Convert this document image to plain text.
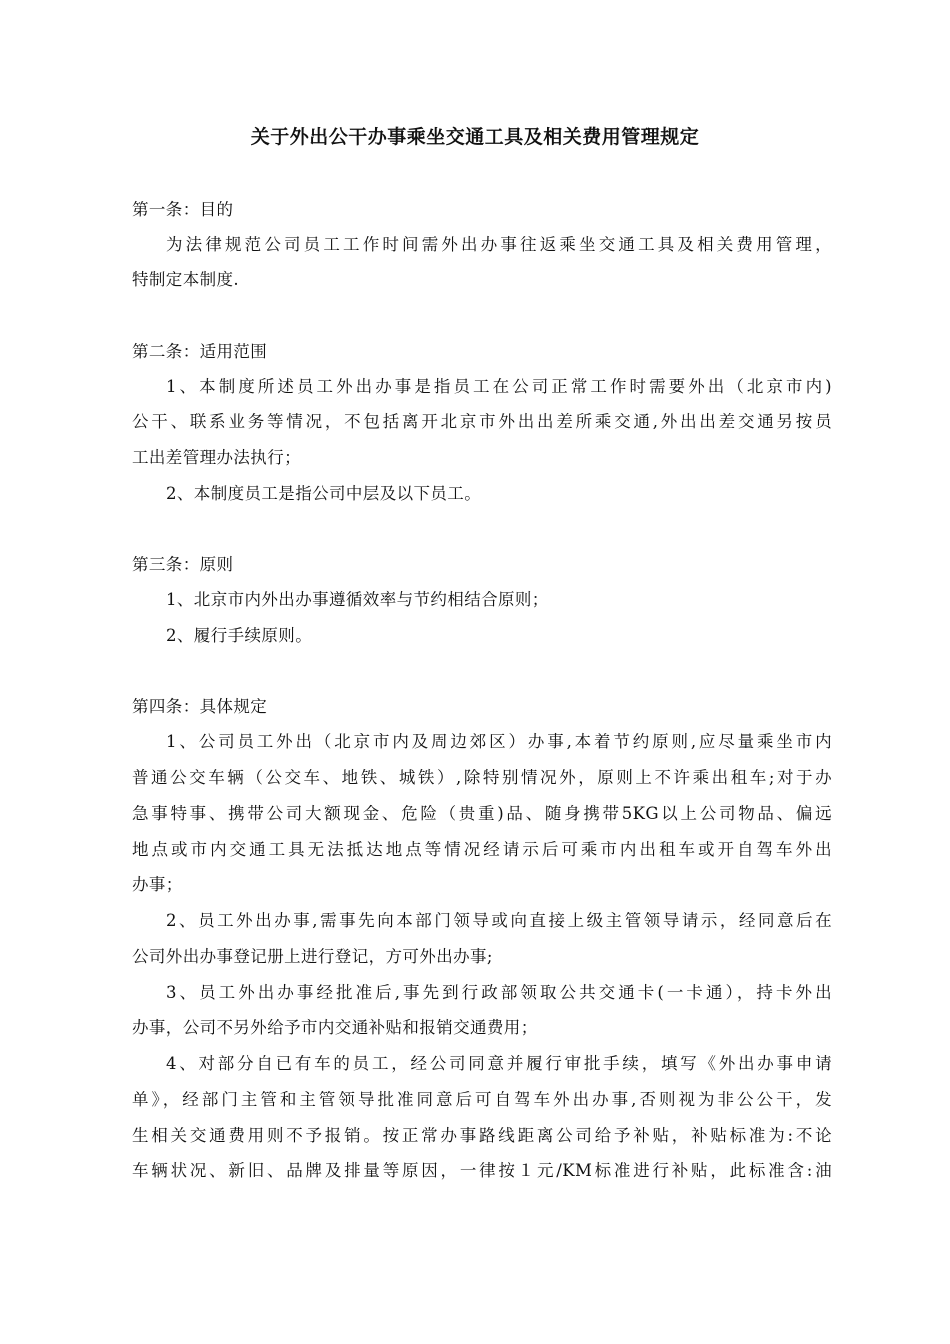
关于外出公干办事乘坐交通工具及相关费用管理规定

第一条：目的

为法律规范公司员工工作时间需外出办事往返乘坐交通工具及相关费用管理，

特制定本制度.

第二条：适用范围

1、本制度所述员工外出办事是指员工在公司正常工作时需要外出（北京市内)

公干、联系业务等情况，不包括离开北京市外出出差所乘交通,外出出差交通另按员

工出差管理办法执行；

2、本制度员工是指公司中层及以下员工。

第三条：原则

1、北京市内外出办事遵循效率与节约相结合原则；

2、履行手续原则。

第四条：具体规定

1、公司员工外出（北京市内及周边郊区）办事,本着节约原则,应尽量乘坐市内

普通公交车辆（公交车、地铁、城铁）,除特别情况外，原则上不许乘出租车;对于办

急事特事、携带公司大额现金、危险（贵重)品、随身携带5KG以上公司物品、偏远

地点或市内交通工具无法抵达地点等情况经请示后可乘市内出租车或开自驾车外出

办事；

2、员工外出办事,需事先向本部门领导或向直接上级主管领导请示，经同意后在

公司外出办事登记册上进行登记，方可外出办事;

3、员工外出办事经批准后,事先到行政部领取公共交通卡(一卡通），持卡外出

办事，公司不另外给予市内交通补贴和报销交通费用；

4、对部分自已有车的员工，经公司同意并履行审批手续，填写《外出办事申请

单》，经部门主管和主管领导批准同意后可自驾车外出办事,否则视为非公公干，发

生相关交通费用则不予报销。按正常办事路线距离公司给予补贴，补贴标准为:不论

车辆状况、新旧、品牌及排量等原因，一律按１元/KM标准进行补贴，此标准含:油
